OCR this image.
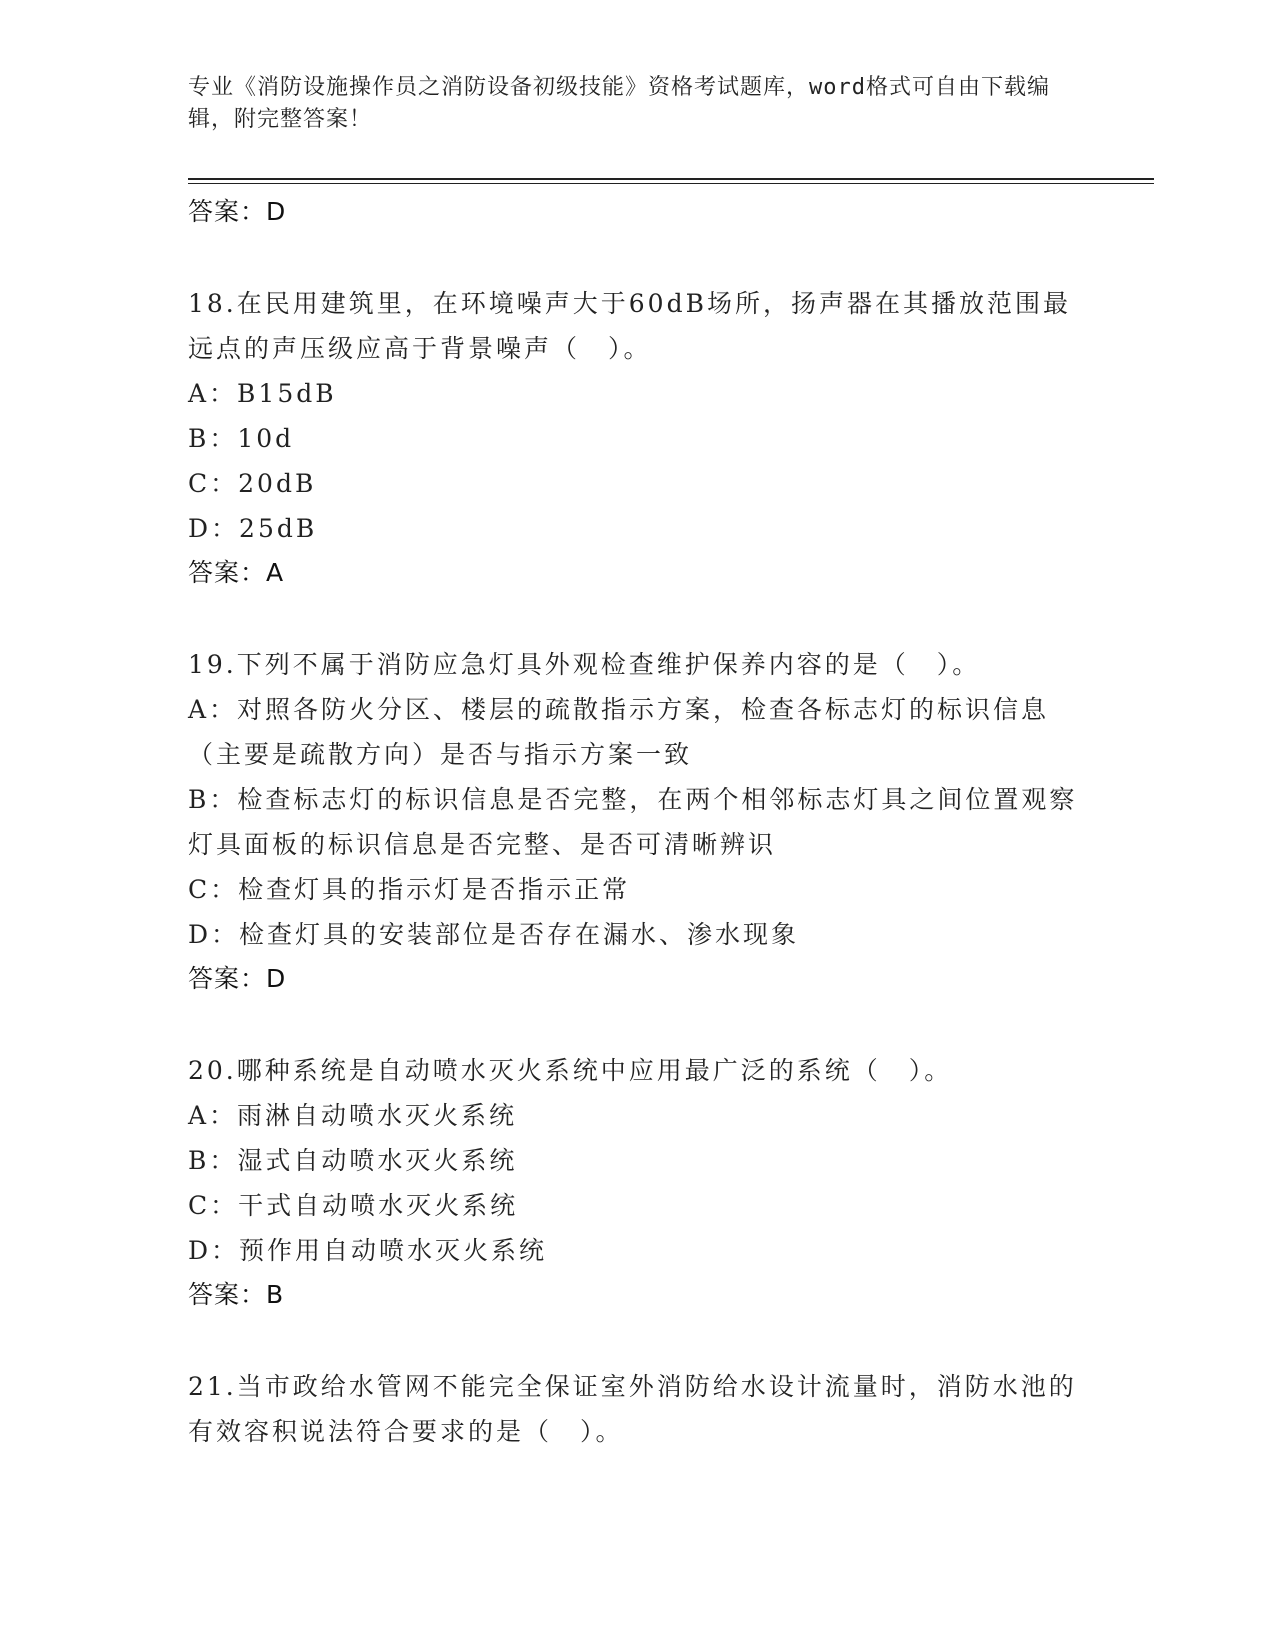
专业《消防设施操作员之消防设备初级技能》资格考试题库，word格式可自由下载编辑，附完整答案！
答案：D
18.在民用建筑里，在环境噪声大于60dB场所，扬声器在其播放范围最远点的声压级应高于背景噪声（　）。
A：B15dB
B：10d
C：20dB
D：25dB
答案：A
19.下列不属于消防应急灯具外观检查维护保养内容的是（　）。
A：对照各防火分区、楼层的疏散指示方案，检查各标志灯的标识信息（主要是疏散方向）是否与指示方案一致
B：检查标志灯的标识信息是否完整，在两个相邻标志灯具之间位置观察灯具面板的标识信息是否完整、是否可清晰辨识
C：检查灯具的指示灯是否指示正常
D：检查灯具的安装部位是否存在漏水、渗水现象
答案：D
20.哪种系统是自动喷水灭火系统中应用最广泛的系统（　）。
A：雨淋自动喷水灭火系统
B：湿式自动喷水灭火系统
C：干式自动喷水灭火系统
D：预作用自动喷水灭火系统
答案：B
21.当市政给水管网不能完全保证室外消防给水设计流量时，消防水池的有效容积说法符合要求的是（　）。
